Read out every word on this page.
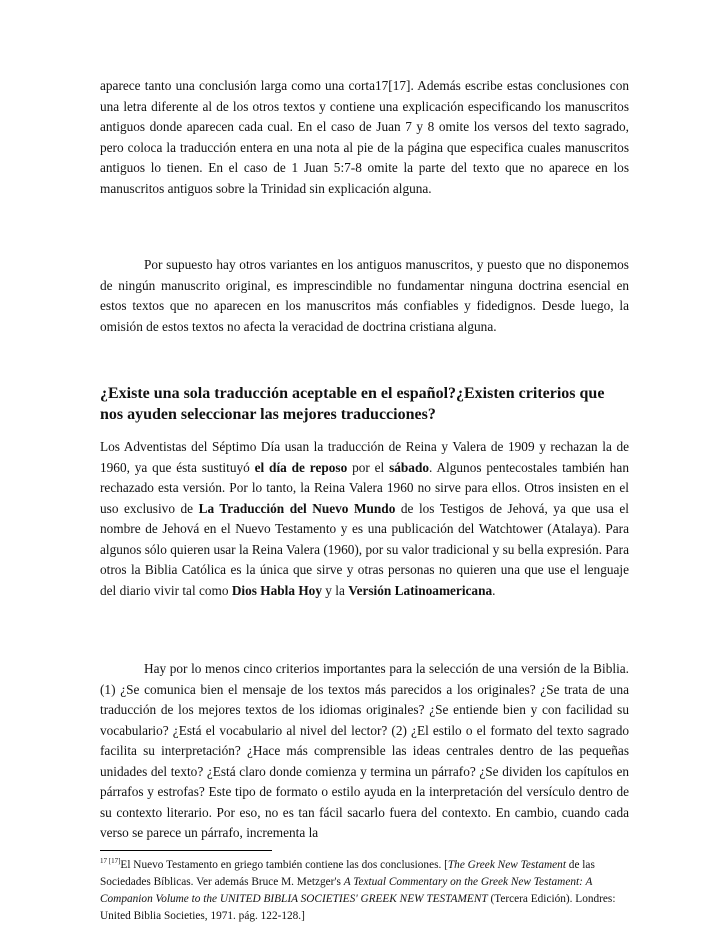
aparece tanto una conclusión larga como una corta17[17]. Además escribe estas conclusiones con una letra diferente al de los otros textos y contiene una explicación especificando los manuscritos antiguos donde aparecen cada cual. En el caso de Juan 7 y 8 omite los versos del texto sagrado, pero coloca la traducción entera en una nota al pie de la página que especifica cuales manuscritos antiguos lo tienen. En el caso de 1 Juan 5:7-8 omite la parte del texto que no aparece en los manuscritos antiguos sobre la Trinidad sin explicación alguna.

Por supuesto hay otros variantes en los antiguos manuscritos, y puesto que no disponemos de ningún manuscrito original, es imprescindible no fundamentar ninguna doctrina esencial en estos textos que no aparecen en los manuscritos más confiables y fidedignos. Desde luego, la omisión de estos textos no afecta la veracidad de doctrina cristiana alguna.

¿Existe una sola traducción aceptable en el español?¿Existen criterios que nos ayuden seleccionar las mejores traducciones?

Los Adventistas del Séptimo Día usan la traducción de Reina y Valera de 1909 y rechazan la de 1960, ya que ésta sustituyó el día de reposo por el sábado. Algunos pentecostales también han rechazado esta versión. Por lo tanto, la Reina Valera 1960 no sirve para ellos. Otros insisten en el uso exclusivo de La Traducción del Nuevo Mundo de los Testigos de Jehová, ya que usa el nombre de Jehová en el Nuevo Testamento y es una publicación del Watchtower (Atalaya). Para algunos sólo quieren usar la Reina Valera (1960), por su valor tradicional y su bella expresión. Para otros la Biblia Católica es la única que sirve y otras personas no quieren una que use el lenguaje del diario vivir tal como Dios Habla Hoy y la Versión Latinoamericana.

Hay por lo menos cinco criterios importantes para la selección de una versión de la Biblia. (1) ¿Se comunica bien el mensaje de los textos más parecidos a los originales? ¿Se trata de una traducción de los mejores textos de los idiomas originales? ¿Se entiende bien y con facilidad su vocabulario? ¿Está el vocabulario al nivel del lector? (2) ¿El estilo o el formato del texto sagrado facilita su interpretación? ¿Hace más comprensible las ideas centrales dentro de las pequeñas unidades del texto? ¿Está claro donde comienza y termina un párrafo? ¿Se dividen los capítulos en párrafos y estrofas? Este tipo de formato o estilo ayuda en la interpretación del versículo dentro de su contexto literario. Por eso, no es tan fácil sacarlo fuera del contexto. En cambio, cuando cada verso se parece un párrafo, incrementa la

$^{17 [17]}$El Nuevo Testamento en griego también contiene las dos conclusiones. [The Greek New Testament de las Sociedades Bíblicas. Ver además Bruce M. Metzger's A Textual Commentary on the Greek New Testament: A Companion Volume to the UNITED BIBLIA SOCIETIES' GREEK NEW TESTAMENT (Tercera Edición). Londres: United Biblia Societies, 1971. pág. 122-128.]
